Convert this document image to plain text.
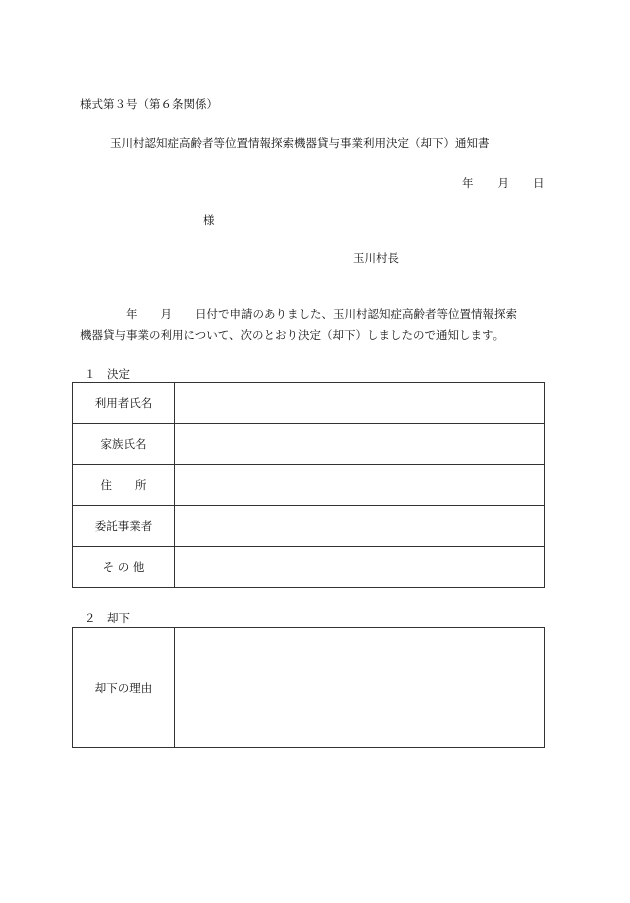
様式第３号（第６条関係）
玉川村認知症高齢者等位置情報探索機器貸与事業利用決定（却下）通知書
年 月 日
様
玉川村長
年　　月　　日付で申請のありました、玉川村認知症高齢者等位置情報探索
機器貸与事業の利用について、次のとおり決定（却下）しましたので通知します。
１　決定
利用者氏名	
家族氏名	
住　　所	
委託事業者	
そ の 他	
２　却下
却下の理由	
